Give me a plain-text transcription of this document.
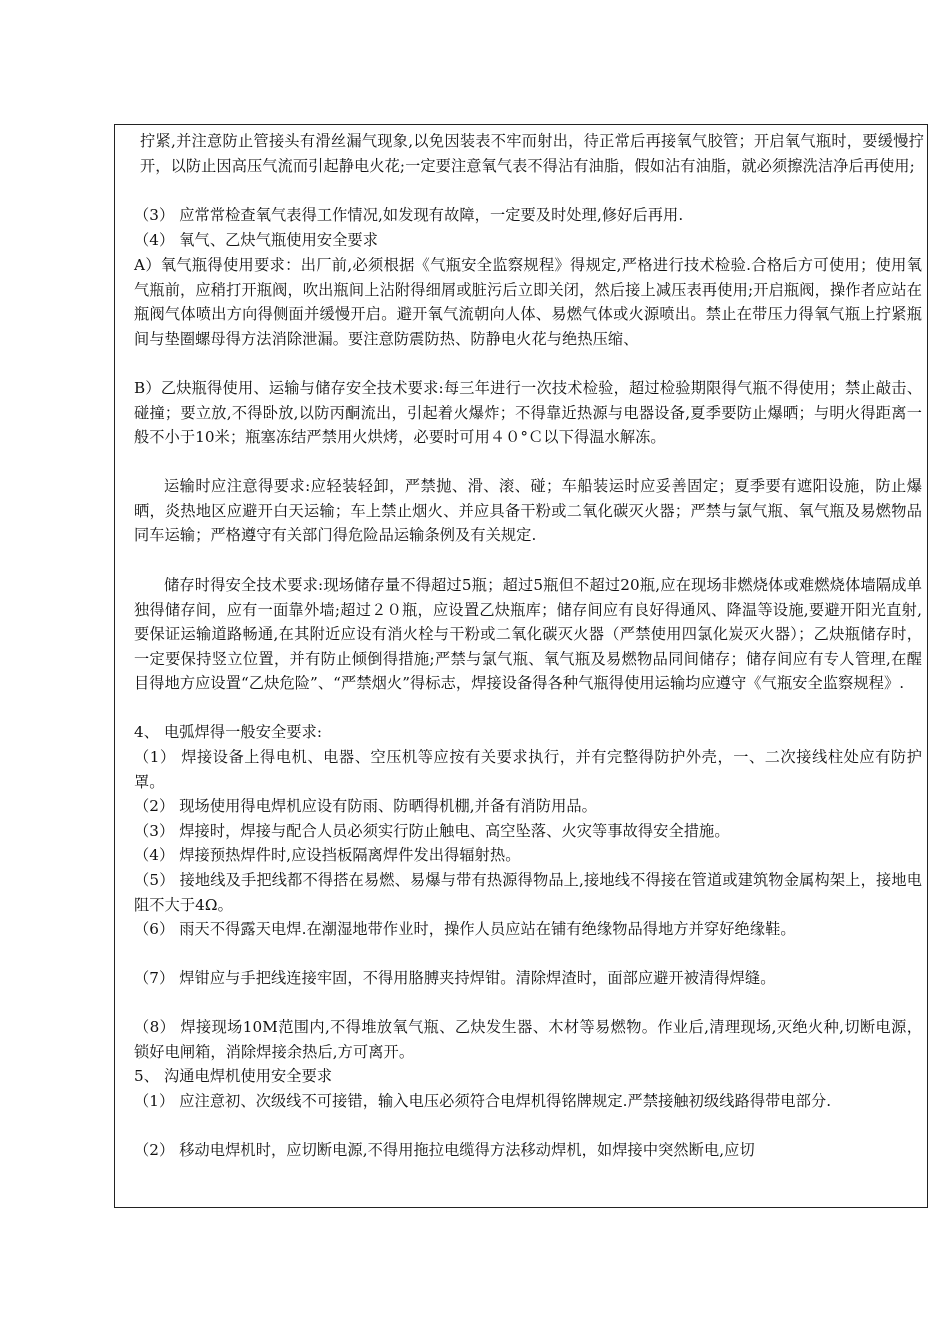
拧紧,并注意防止管接头有滑丝漏气现象,以免因装表不牢而射出，待正常后再接氧气胶管；开启氧气瓶时，要缓慢拧开，以防止因高压气流而引起静电火花;一定要注意氧气表不得沾有油脂，假如沾有油脂，就必须擦洗洁净后再使用;

（3） 应常常检查氧气表得工作情况,如发现有故障，一定要及时处理,修好后再用.

（4） 氧气、乙炔气瓶使用安全要求

A）氧气瓶得使用要求：出厂前,必须根据《气瓶安全监察规程》得规定,严格进行技术检验.合格后方可使用；使用氧气瓶前，应稍打开瓶阀，吹出瓶间上沾附得细屑或脏污后立即关闭，然后接上减压表再使用;开启瓶阀，操作者应站在瓶阀气体喷出方向得侧面并缓慢开启。避开氧气流朝向人体、易燃气体或火源喷出。禁止在带压力得氧气瓶上拧紧瓶间与垫圈螺母得方法消除泄漏。要注意防震防热、防静电火花与绝热压缩、

B）乙炔瓶得使用、运输与储存安全技术要求:每三年进行一次技术检验，超过检验期限得气瓶不得使用；禁止敲击、碰撞；要立放,不得卧放,以防丙酮流出，引起着火爆炸；不得靠近热源与电器设备,夏季要防止爆晒；与明火得距离一般不小于10米；瓶塞冻结严禁用火烘烤，必要时可用４０°Ｃ以下得温水解冻。

运输时应注意得要求:应轻装轻卸，严禁抛、滑、滚、碰；车船装运时应妥善固定；夏季要有遮阳设施，防止爆晒，炎热地区应避开白天运输；车上禁止烟火、并应具备干粉或二氧化碳灭火器；严禁与氯气瓶、氧气瓶及易燃物品同车运输；严格遵守有关部门得危险品运输条例及有关规定.

储存时得安全技术要求:现场储存量不得超过5瓶；超过5瓶但不超过20瓶,应在现场非燃烧体或难燃烧体墙隔成单独得储存间，应有一面靠外墙;超过２０瓶，应设置乙炔瓶库；储存间应有良好得通风、降温等设施,要避开阳光直射,要保证运输道路畅通,在其附近应设有消火栓与干粉或二氧化碳灭火器（严禁使用四氯化炭灭火器）；乙炔瓶储存时，一定要保持竖立位置，并有防止倾倒得措施;严禁与氯气瓶、氧气瓶及易燃物品同间储存；储存间应有专人管理,在醒目得地方应设置“乙炔危险”、“严禁烟火”得标志，焊接设备得各种气瓶得使用运输均应遵守《气瓶安全监察规程》.

4、 电弧焊得一般安全要求:

（1） 焊接设备上得电机、电器、空压机等应按有关要求执行，并有完整得防护外壳，一、二次接线柱处应有防护罩。

（2） 现场使用得电焊机应设有防雨、防晒得机棚,并备有消防用品。

（3） 焊接时，焊接与配合人员必须实行防止触电、高空坠落、火灾等事故得安全措施。

（4） 焊接预热焊件时,应设挡板隔离焊件发出得辐射热。

（5） 接地线及手把线都不得搭在易燃、易爆与带有热源得物品上,接地线不得接在管道或建筑物金属构架上，接地电阻不大于4Ω。

（6） 雨天不得露天电焊.在潮湿地带作业时，操作人员应站在铺有绝缘物品得地方并穿好绝缘鞋。

（7） 焊钳应与手把线连接牢固，不得用胳膊夹持焊钳。清除焊渣时，面部应避开被清得焊缝。

（8） 焊接现场10M范围内,不得堆放氧气瓶、乙炔发生器、木材等易燃物。作业后,清理现场,灭绝火种,切断电源，锁好电闸箱，消除焊接余热后,方可离开。

5、 沟通电焊机使用安全要求

（1） 应注意初、次级线不可接错，输入电压必须符合电焊机得铭牌规定.严禁接触初级线路得带电部分.

（2） 移动电焊机时，应切断电源,不得用拖拉电缆得方法移动焊机，如焊接中突然断电,应切
